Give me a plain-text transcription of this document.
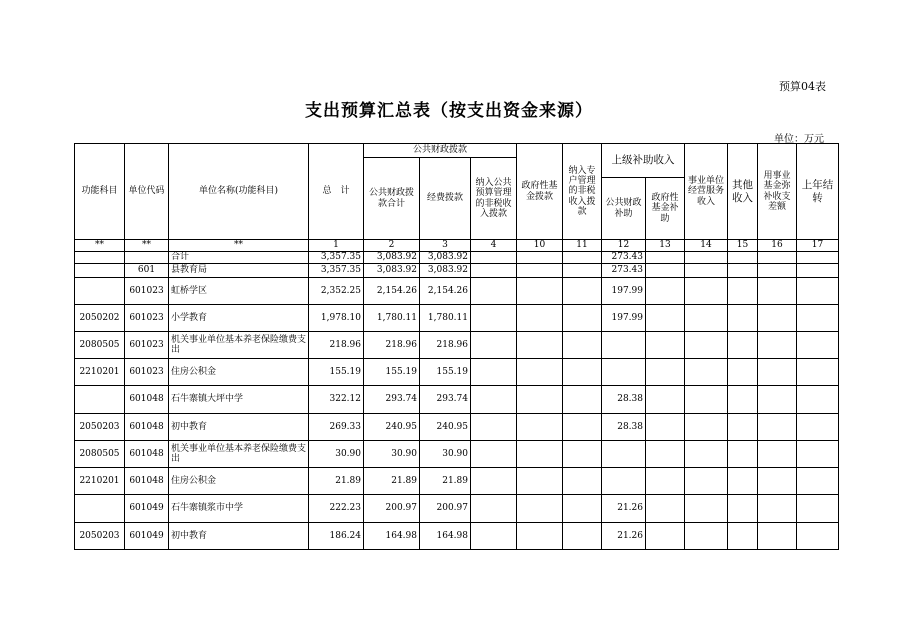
预算04表
支出预算汇总表（按支出资金来源）
单位：万元
功能科目	单位代码	单位名称(功能科目)	总　计	公共财政拨款			政府性基金拨款	纳入专户管理的非税收入拨款	上级补助收入		事业单位经营服务收入	其他收入	用事业基金弥补收支差额	上年结转
				公共财政拨款合计	经费拨款	纳入公共预算管理的非税收入拨款								
									公共财政补助	政府性基金补助				
**	**	**	1	2	3	4	10	11	12	13	14	15	16	17
		合计	3,357.35	3,083.92	3,083.92				273.43					
	601	县教育局	3,357.35	3,083.92	3,083.92				273.43					
	601023	虹桥学区	2,352.25	2,154.26	2,154.26				197.99					
2050202	601023	小学教育	1,978.10	1,780.11	1,780.11				197.99					
2080505	601023	机关事业单位基本养老保险缴费支出	218.96	218.96	218.96									
2210201	601023	住房公积金	155.19	155.19	155.19									
	601048	石牛寨镇大坪中学	322.12	293.74	293.74				28.38					
2050203	601048	初中教育	269.33	240.95	240.95				28.38					
2080505	601048	机关事业单位基本养老保险缴费支出	30.90	30.90	30.90									
2210201	601048	住房公积金	21.89	21.89	21.89									
	601049	石牛寨镇浆市中学	222.23	200.97	200.97				21.26					
2050203	601049	初中教育	186.24	164.98	164.98				21.26					
